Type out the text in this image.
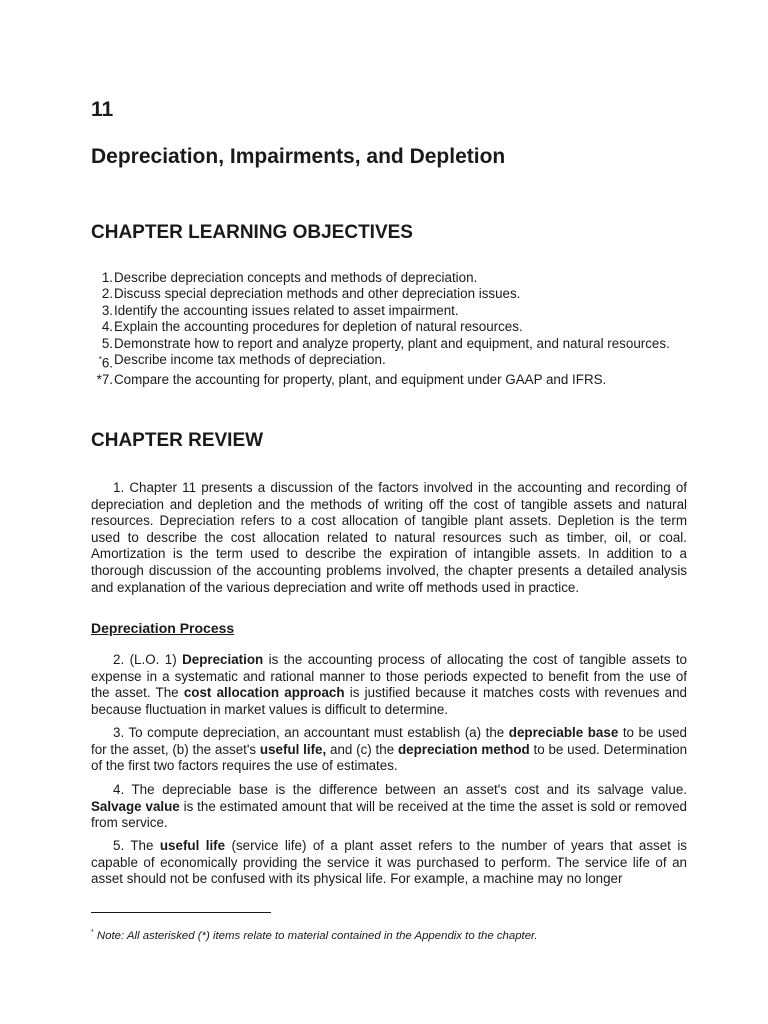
11
Depreciation, Impairments, and Depletion
CHAPTER LEARNING OBJECTIVES
1. Describe depreciation concepts and methods of depreciation.
2. Discuss special depreciation methods and other depreciation issues.
3. Identify the accounting issues related to asset impairment.
4. Explain the accounting procedures for depletion of natural resources.
5. Demonstrate how to report and analyze property, plant and equipment, and natural resources.
*6. Describe income tax methods of depreciation.
*7. Compare the accounting for property, plant, and equipment under GAAP and IFRS.
CHAPTER REVIEW

1. Chapter 11 presents a discussion of the factors involved in the accounting and recording of depreciation and depletion and the methods of writing off the cost of tangible assets and natural resources. Depreciation refers to a cost allocation of tangible plant assets. Depletion is the term used to describe the cost allocation related to natural resources such as timber, oil, or coal. Amortization is the term used to describe the expiration of intangible assets. In addition to a thorough discussion of the accounting problems involved, the chapter presents a detailed analysis and explanation of the various depreciation and write off methods used in practice.

Depreciation Process

2. (L.O. 1) Depreciation is the accounting process of allocating the cost of tangible assets to expense in a systematic and rational manner to those periods expected to benefit from the use of the asset. The cost allocation approach is justified because it matches costs with revenues and because fluctuation in market values is difficult to determine.

3. To compute depreciation, an accountant must establish (a) the depreciable base to be used for the asset, (b) the asset's useful life, and (c) the depreciation method to be used. Determination of the first two factors requires the use of estimates.

4. The depreciable base is the difference between an asset's cost and its salvage value. Salvage value is the estimated amount that will be received at the time the asset is sold or removed from service.

5. The useful life (service life) of a plant asset refers to the number of years that asset is capable of economically providing the service it was purchased to perform. The service life of an asset should not be confused with its physical life. For example, a machine may no longer

* Note: All asterisked (*) items relate to material contained in the Appendix to the chapter.
